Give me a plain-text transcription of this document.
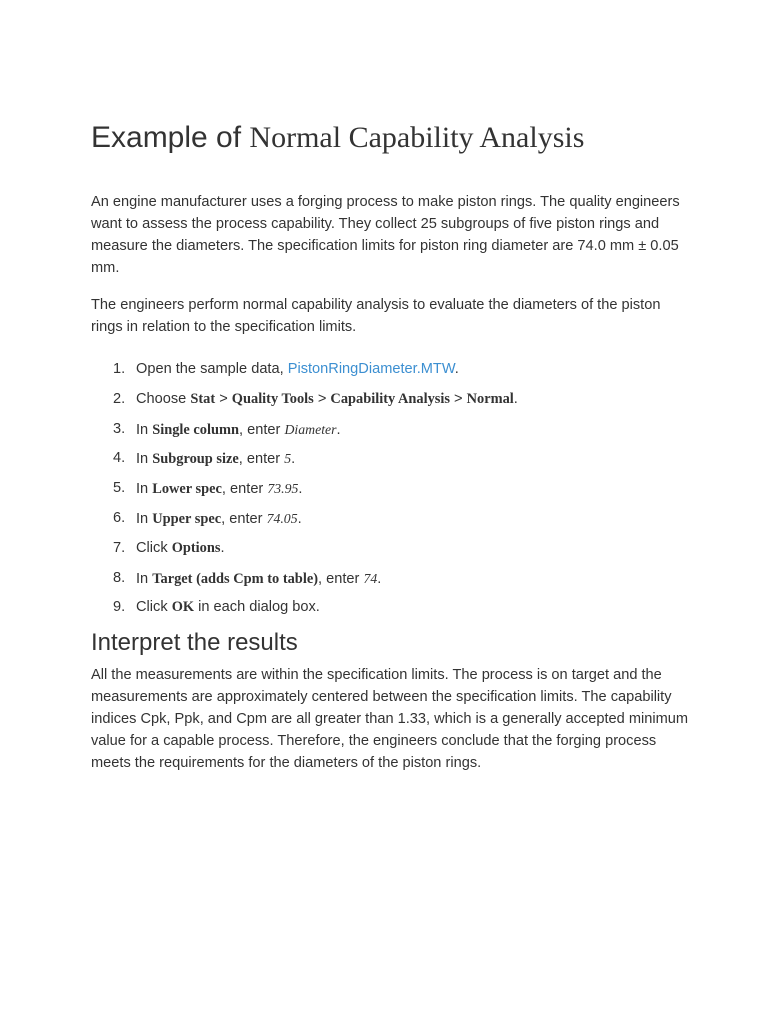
Example of Normal Capability Analysis

An engine manufacturer uses a forging process to make piston rings. The quality engineers want to assess the process capability. They collect 25 subgroups of five piston rings and measure the diameters. The specification limits for piston ring diameter are 74.0 mm ± 0.05 mm.

The engineers perform normal capability analysis to evaluate the diameters of the piston rings in relation to the specification limits.

1. Open the sample data, PistonRingDiameter.MTW.
2. Choose Stat > Quality Tools > Capability Analysis > Normal.
3. In Single column, enter Diameter.
4. In Subgroup size, enter 5.
5. In Lower spec, enter 73.95.
6. In Upper spec, enter 74.05.
7. Click Options.
8. In Target (adds Cpm to table), enter 74.
9. Click OK in each dialog box.
Interpret the results

All the measurements are within the specification limits. The process is on target and the measurements are approximately centered between the specification limits. The capability indices Cpk, Ppk, and Cpm are all greater than 1.33, which is a generally accepted minimum value for a capable process. Therefore, the engineers conclude that the forging process meets the requirements for the diameters of the piston rings.
